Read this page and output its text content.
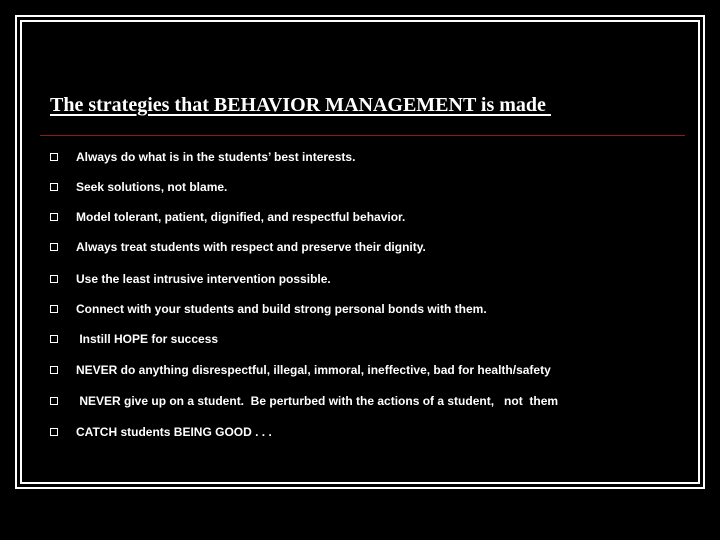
The strategies that BEHAVIOR MANAGEMENT is made
Always do what is in the students’ best interests.
Seek solutions, not blame.
Model tolerant, patient, dignified, and respectful behavior.
Always treat students with respect and preserve their dignity.
Use the least intrusive intervention possible.
Connect with your students and build strong personal bonds with them.
Instill HOPE for success
NEVER do anything disrespectful, illegal, immoral, ineffective, bad for health/safety
NEVER give up on a student.  Be perturbed with the actions of a student,   not  them
CATCH students BEING GOOD . . .
